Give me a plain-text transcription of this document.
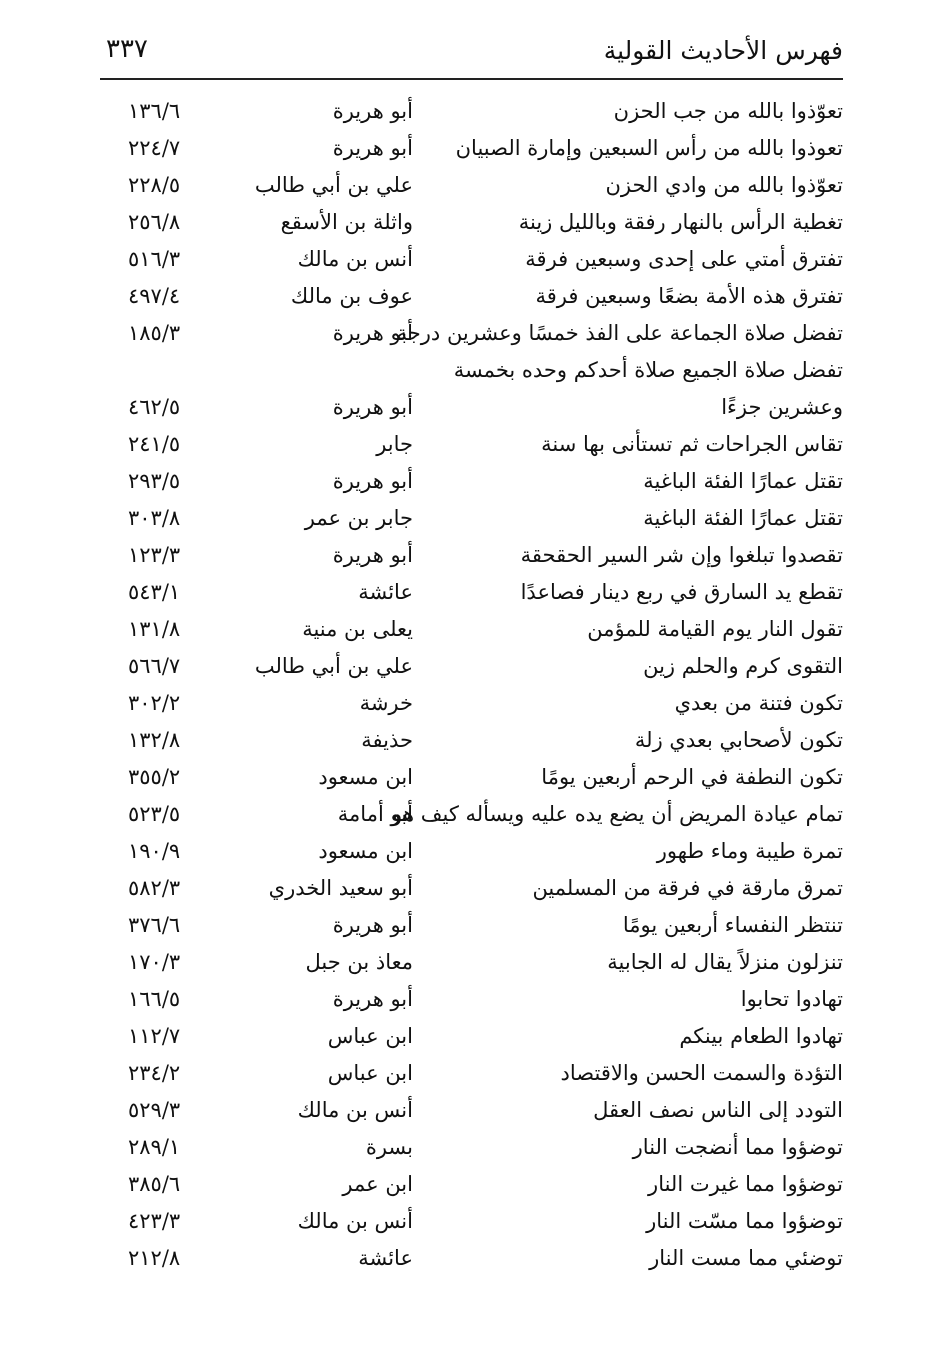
فهرس الأحاديث القولية
٣٣٧
تعوّذوا بالله من جب الحزن
أبو هريرة
١٣٦/٦
تعوذوا بالله من رأس السبعين وإمارة الصبيان
أبو هريرة
٢٢٤/٧
تعوّذوا بالله من وادي الحزن
علي بن أبي طالب
٢٢٨/٥
تغطية الرأس بالنهار رفقة وبالليل زينة
واثلة بن الأسقع
٢٥٦/٨
تفترق أمتي على إحدى وسبعين فرقة
أنس بن مالك
٥١٦/٣
تفترق هذه الأمة بضعًا وسبعين فرقة
عوف بن مالك
٤٩٧/٤
تفضل صلاة الجماعة على الفذ خمسًا وعشرين درجة
أبو هريرة
١٨٥/٣
تفضل صلاة الجميع صلاة أحدكم وحده بخمسة
وعشرين جزءًا
أبو هريرة
٤٦٢/٥
تقاس الجراحات ثم تستأنى بها سنة
جابر
٢٤١/٥
تقتل عمارًا الفئة الباغية
أبو هريرة
٢٩٣/٥
تقتل عمارًا الفئة الباغية
جابر بن عمر
٣٠٣/٨
تقصدوا تبلغوا وإن شر السير الحقحقة
أبو هريرة
١٢٣/٣
تقطع يد السارق في ربع دينار فصاعدًا
عائشة
٥٤٣/١
تقول النار يوم القيامة للمؤمن
يعلى بن منية
١٣١/٨
التقوى كرم والحلم زين
علي بن أبي طالب
٥٦٦/٧
تكون فتنة من بعدي
خرشة
٣٠٢/٢
تكون لأصحابي بعدي زلة
حذيفة
١٣٢/٨
تكون النطفة في الرحم أربعين يومًا
ابن مسعود
٣٥٥/٢
تمام عيادة المريض أن يضع يده عليه ويسأله كيف هو
أبو أمامة
٥٢٣/٥
تمرة طيبة وماء طهور
ابن مسعود
١٩٠/٩
تمرق مارقة في فرقة من المسلمين
أبو سعيد الخدري
٥٨٢/٣
تنتظر النفساء أربعين يومًا
أبو هريرة
٣٧٦/٦
تنزلون منزلاً يقال له الجابية
معاذ بن جبل
١٧٠/٣
تهادوا تحابوا
أبو هريرة
١٦٦/٥
تهادوا الطعام بينكم
ابن عباس
١١٢/٧
التؤدة والسمت الحسن والاقتصاد
ابن عباس
٢٣٤/٢
التودد إلى الناس نصف العقل
أنس بن مالك
٥٢٩/٣
توضؤوا مما أنضجت النار
بسرة
٢٨٩/١
توضؤوا مما غيرت النار
ابن عمر
٣٨٥/٦
توضؤوا مما مسّت النار
أنس بن مالك
٤٢٣/٣
توضئي مما مست النار
عائشة
٢١٢/٨
